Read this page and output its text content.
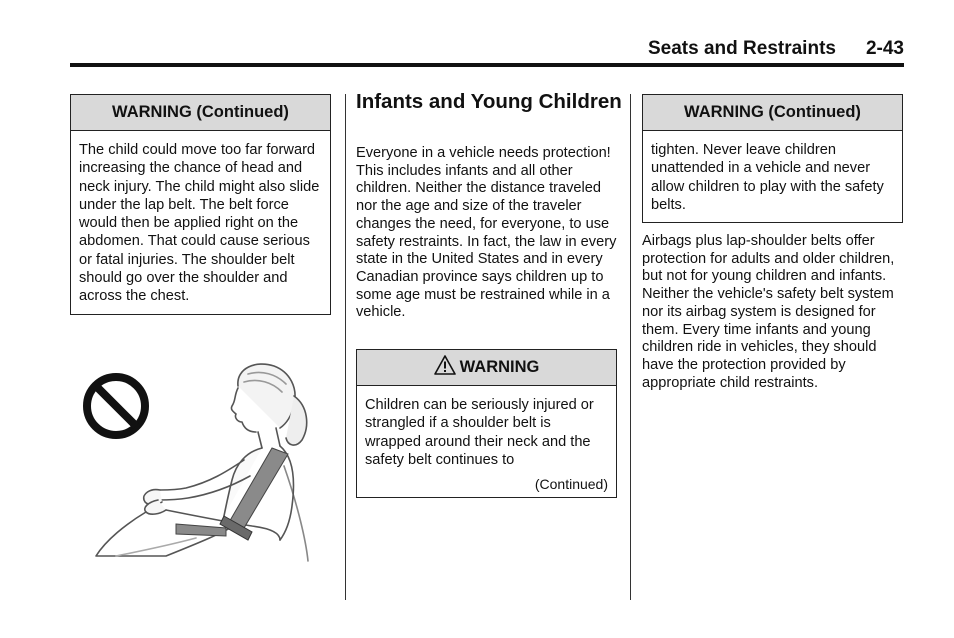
Seats and Restraints 2-43
WARNING (Continued)
The child could move too far forward increasing the chance of head and neck injury. The child might also slide under the lap belt. The belt force would then be applied right on the abdomen. That could cause serious or fatal injuries. The shoulder belt should go over the shoulder and across the chest.
Infants and Young Children
Everyone in a vehicle needs protection! This includes infants and all other children. Neither the distance traveled nor the age and size of the traveler changes the need, for everyone, to use safety restraints. In fact, the law in every state in the United States and in every Canadian province says children up to some age must be restrained while in a vehicle.
WARNING
Children can be seriously injured or strangled if a shoulder belt is wrapped around their neck and the safety belt continues to
(Continued)
WARNING (Continued)
tighten. Never leave children unattended in a vehicle and never allow children to play with the safety belts.
Airbags plus lap-shoulder belts offer protection for adults and older children, but not for young children and infants. Neither the vehicle's safety belt system nor its airbag system is designed for them. Every time infants and young children ride in vehicles, they should have the protection provided by appropriate child restraints.
